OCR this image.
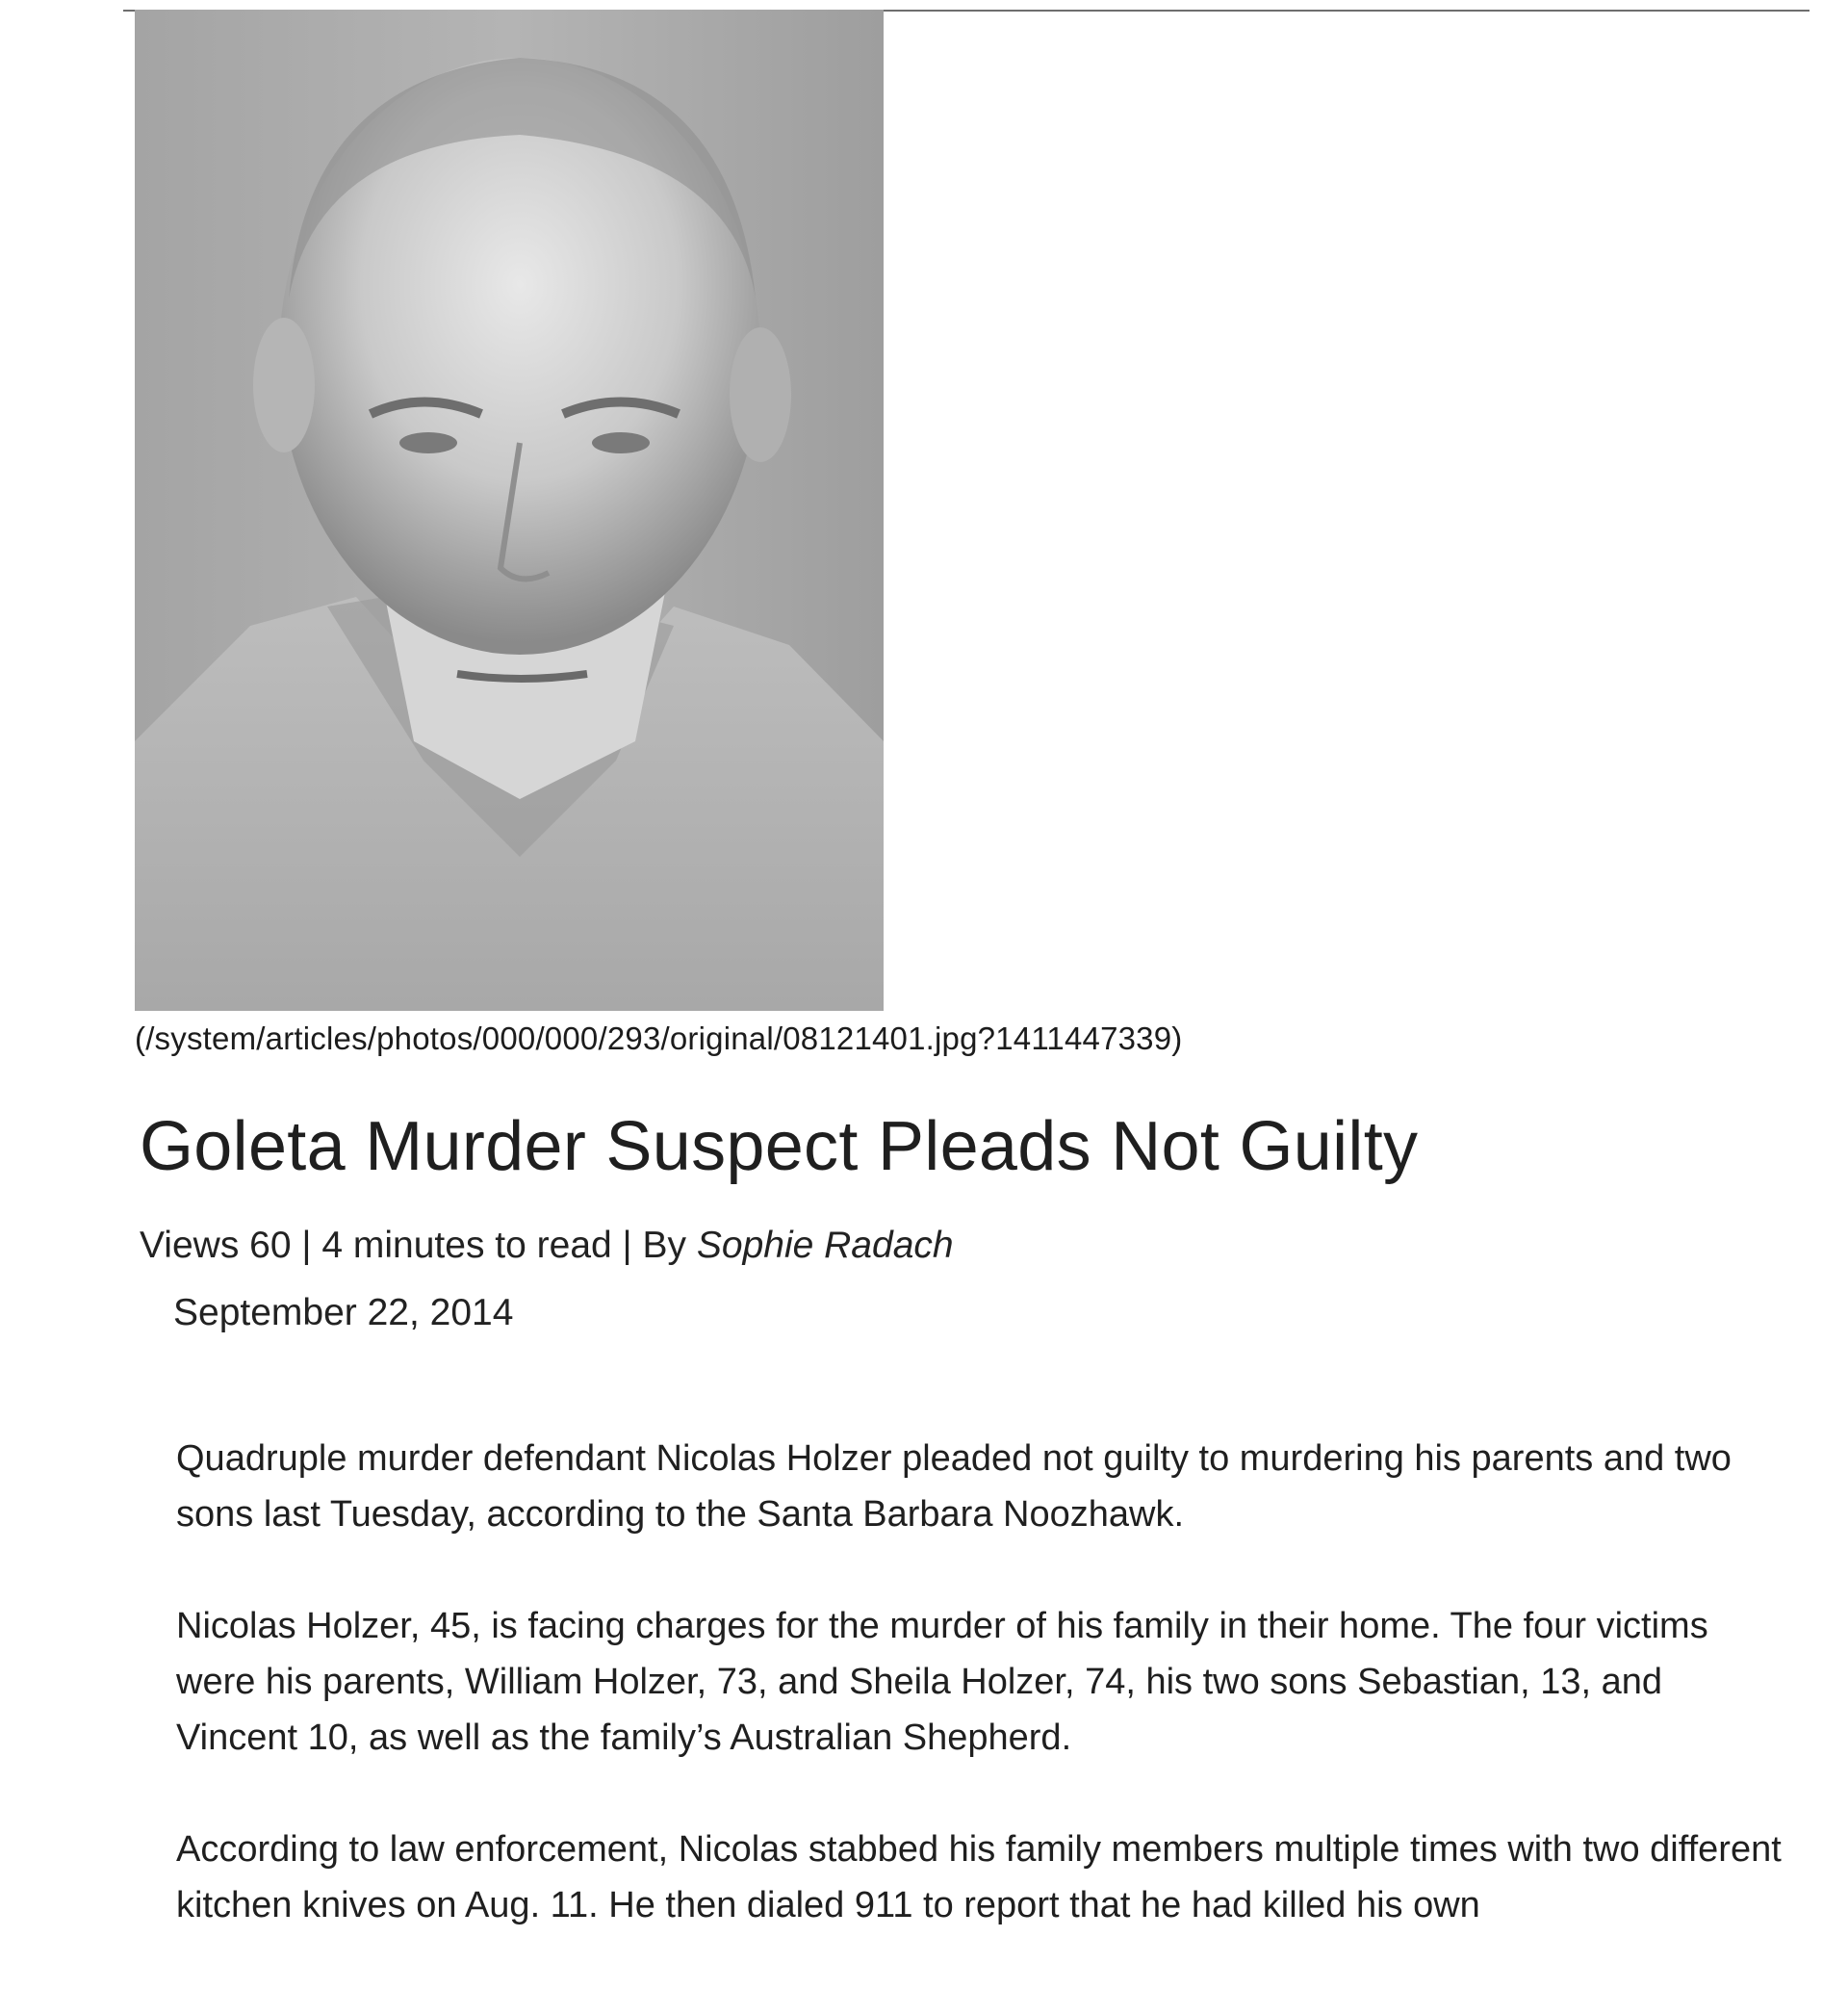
(/system/articles/photos/000/000/293/original/08121401.jpg?1411447339)
Goleta Murder Suspect Pleads Not Guilty
Views 60 | 4 minutes to read | By Sophie Radach
September 22, 2014

Quadruple murder defendant Nicolas Holzer pleaded not guilty to murdering his parents and two sons last Tuesday, according to the Santa Barbara Noozhawk.

Nicolas Holzer, 45, is facing charges for the murder of his family in their home. The four victims were his parents, William Holzer, 73, and Sheila Holzer, 74, his two sons Sebastian, 13, and Vincent 10, as well as the family’s Australian Shepherd.

According to law enforcement, Nicolas stabbed his family members multiple times with two different kitchen knives on Aug. 11. He then dialed 911 to report that he had killed his own
